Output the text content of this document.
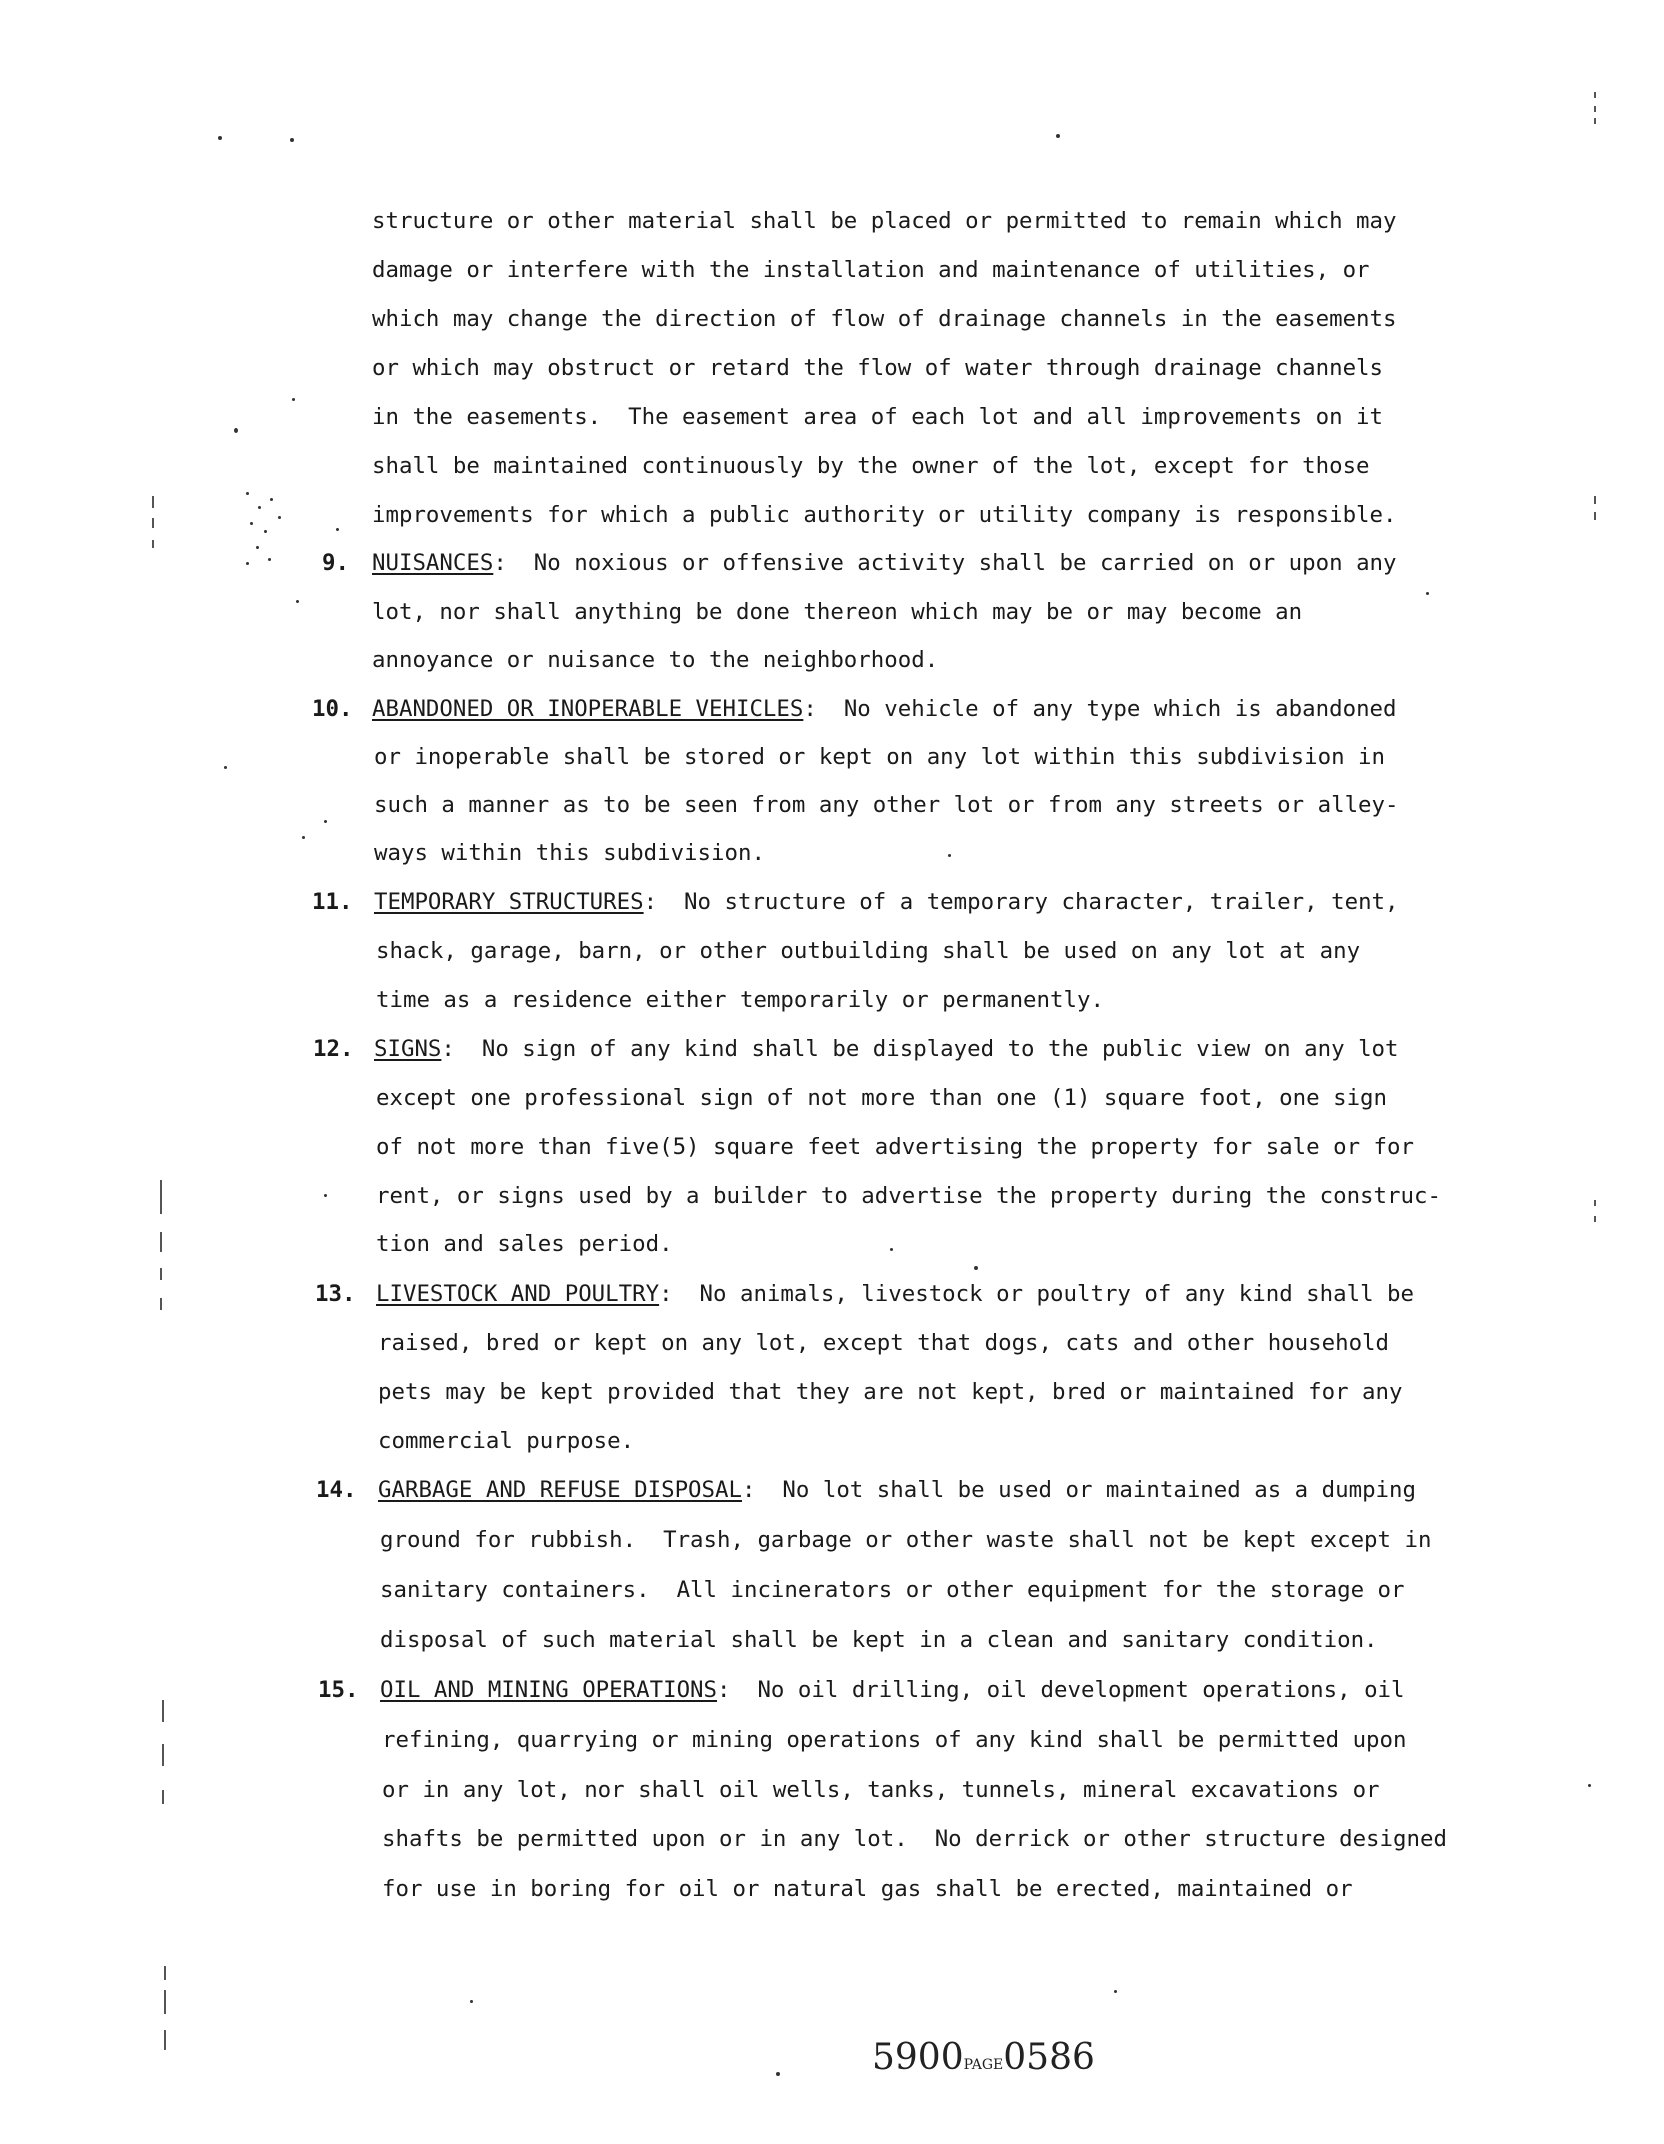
structure or other material shall be placed or permitted to remain which may
damage or interfere with the installation and maintenance of utilities, or
which may change the direction of flow of drainage channels in the easements
or which may obstruct or retard the flow of water through drainage channels
in the easements.  The easement area of each lot and all improvements on it
shall be maintained continuously by the owner of the lot, except for those
improvements for which a public authority or utility company is responsible.
9. NUISANCES:  No noxious or offensive activity shall be carried on or upon any
lot, nor shall anything be done thereon which may be or may become an
annoyance or nuisance to the neighborhood.
10. ABANDONED OR INOPERABLE VEHICLES:  No vehicle of any type which is abandoned
or inoperable shall be stored or kept on any lot within this subdivision in
such a manner as to be seen from any other lot or from any streets or alley-
ways within this subdivision.
11. TEMPORARY STRUCTURES:  No structure of a temporary character, trailer, tent,
shack, garage, barn, or other outbuilding shall be used on any lot at any
time as a residence either temporarily or permanently.
12. SIGNS:  No sign of any kind shall be displayed to the public view on any lot
except one professional sign of not more than one (1) square foot, one sign
of not more than five(5) square feet advertising the property for sale or for
rent, or signs used by a builder to advertise the property during the construc-
tion and sales period.
13. LIVESTOCK AND POULTRY:  No animals, livestock or poultry of any kind shall be
raised, bred or kept on any lot, except that dogs, cats and other household
pets may be kept provided that they are not kept, bred or maintained for any
commercial purpose.
14. GARBAGE AND REFUSE DISPOSAL:  No lot shall be used or maintained as a dumping
ground for rubbish.  Trash, garbage or other waste shall not be kept except in
sanitary containers.  All incinerators or other equipment for the storage or
disposal of such material shall be kept in a clean and sanitary condition.
15. OIL AND MINING OPERATIONS:  No oil drilling, oil development operations, oil
refining, quarrying or mining operations of any kind shall be permitted upon
or in any lot, nor shall oil wells, tanks, tunnels, mineral excavations or
shafts be permitted upon or in any lot.  No derrick or other structure designed
for use in boring for oil or natural gas shall be erected, maintained or
5900PAGE0586
